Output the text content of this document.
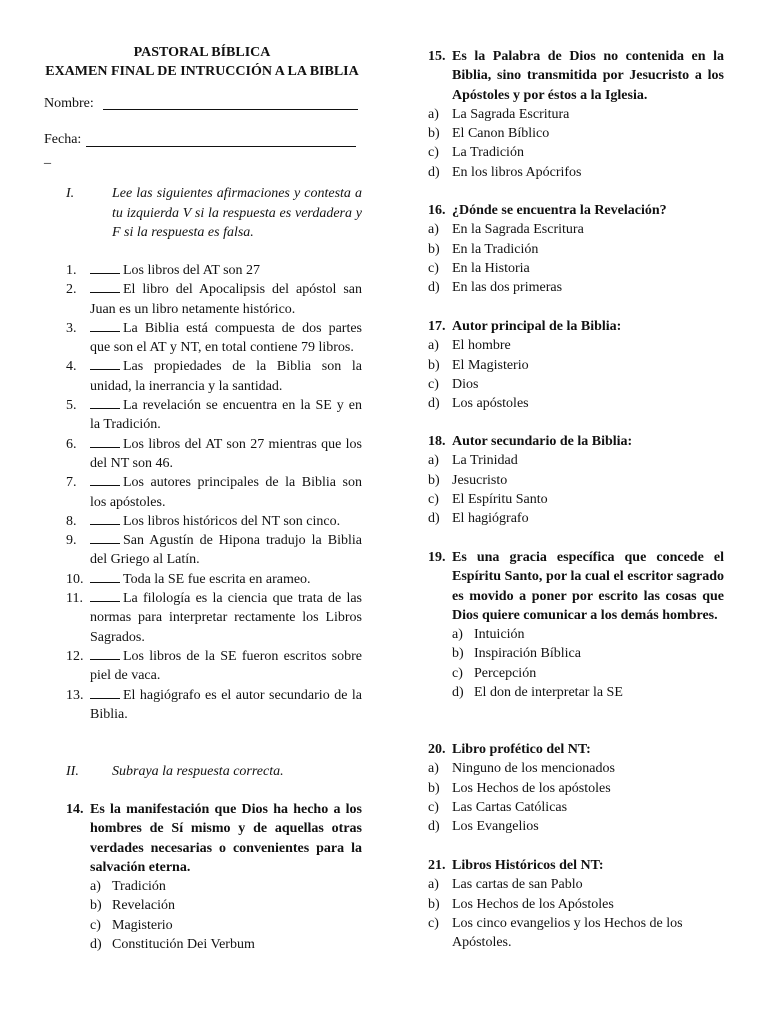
PASTORAL BÍBLICA
EXAMEN FINAL DE INTRUCCIÓN A LA BIBLIA
Nombre:
Fecha:
_
I.	Lee las siguientes afirmaciones y contesta a tu izquierda V si la respuesta es verdadera y F si la respuesta es falsa.
1.	Los libros del AT son 27
2.	El libro del Apocalipsis del apóstol san Juan es un libro netamente histórico.
3.	La Biblia está compuesta de dos partes que son el AT y NT, en total contiene 79 libros.
4.	Las propiedades de la Biblia son la unidad, la inerrancia y la santidad.
5.	La revelación se encuentra en la SE y en la Tradición.
6.	Los libros del AT son 27 mientras que los del NT son 46.
7.	Los autores principales de la Biblia son los apóstoles.
8.	Los libros históricos del NT son cinco.
9.	San Agustín de Hipona tradujo la Biblia del Griego al Latín.
10.	Toda la SE fue escrita en arameo.
11.	La filología es la ciencia que trata de las normas para interpretar rectamente los Libros Sagrados.
12.	Los libros de la SE fueron escritos sobre piel de vaca.
13.	El hagiógrafo es el autor secundario de la Biblia.
II. Subraya la respuesta correcta.
14. Es la manifestación que Dios ha hecho a los hombres de Sí mismo y de aquellas otras verdades necesarias o convenientes para la salvación eterna.
a) Tradición
b) Revelación
c) Magisterio
d) Constitución Dei Verbum
15. Es la Palabra de Dios no contenida en la Biblia, sino transmitida por Jesucristo a los Apóstoles y por éstos a la Iglesia.
a) La Sagrada Escritura
b) El Canon Bíblico
c) La Tradición
d) En los libros Apócrifos
16. ¿Dónde se encuentra la Revelación?
a) En la Sagrada Escritura
b) En la Tradición
c) En la Historia
d) En las dos primeras
17. Autor principal de la Biblia:
a) El hombre
b) El Magisterio
c) Dios
d) Los apóstoles
18. Autor secundario de la Biblia:
a) La Trinidad
b) Jesucristo
c) El Espíritu Santo
d) El hagiógrafo
19. Es una gracia específica que concede el Espíritu Santo, por la cual el escritor sagrado es movido a poner por escrito las cosas que Dios quiere comunicar a los demás hombres.
a) Intuición
b) Inspiración Bíblica
c) Percepción
d) El don de interpretar la SE
20. Libro profético del NT:
a) Ninguno de los mencionados
b) Los Hechos de los apóstoles
c) Las Cartas Católicas
d) Los Evangelios
21. Libros Históricos del NT:
a) Las cartas de san Pablo
b) Los Hechos de los Apóstoles
c) Los cinco evangelios y los Hechos de los Apóstoles.
